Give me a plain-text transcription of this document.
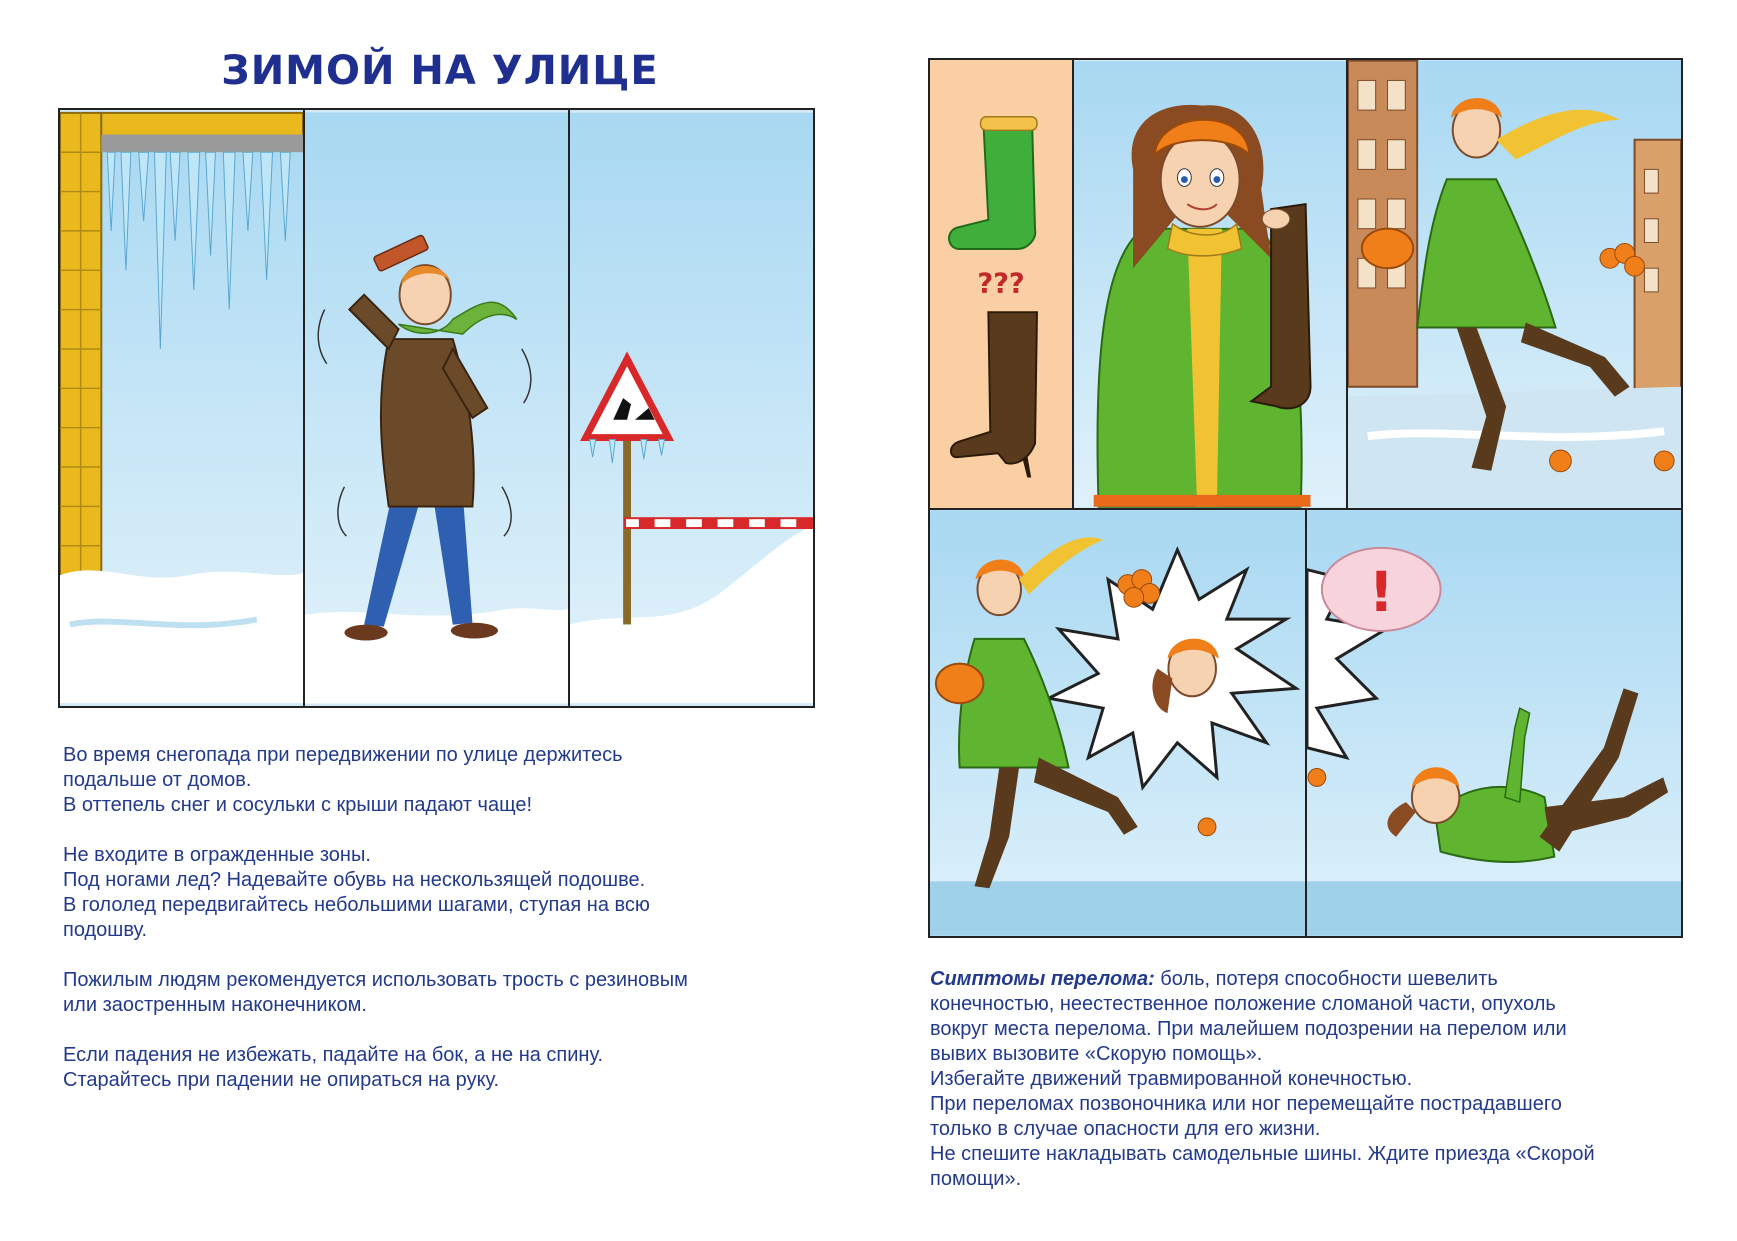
ЗИМОЙ НА УЛИЦЕ
???
!

Во время снегопада при передвижении по улице держитесь
подальше от домов.
В оттепель снег и сосульки с крыши падают чаще!

Не входите в огражденные зоны.
Под ногами лед? Надевайте обувь на нескользящей подошве.
В гололед передвигайтесь небольшими шагами, ступая на всю
подошву.

Пожилым людям рекомендуется использовать трость с резиновым
или заостренным наконечником.

Если падения не избежать, падайте на бок, а не на спину.
Старайтесь при падении не опираться на руку.

Симптомы перелома: боль, потеря способности шевелить
конечностью, неестественное положение сломаной части, опухоль
вокруг места перелома. При малейшем подозрении на перелом или
вывих вызовите «Скорую помощь».
Избегайте движений травмированной конечностью.
При переломах позвоночника или ног перемещайте пострадавшего
только в случае опасности для его жизни.
Не спешите накладывать самодельные шины. Ждите приезда «Скорой
помощи».
